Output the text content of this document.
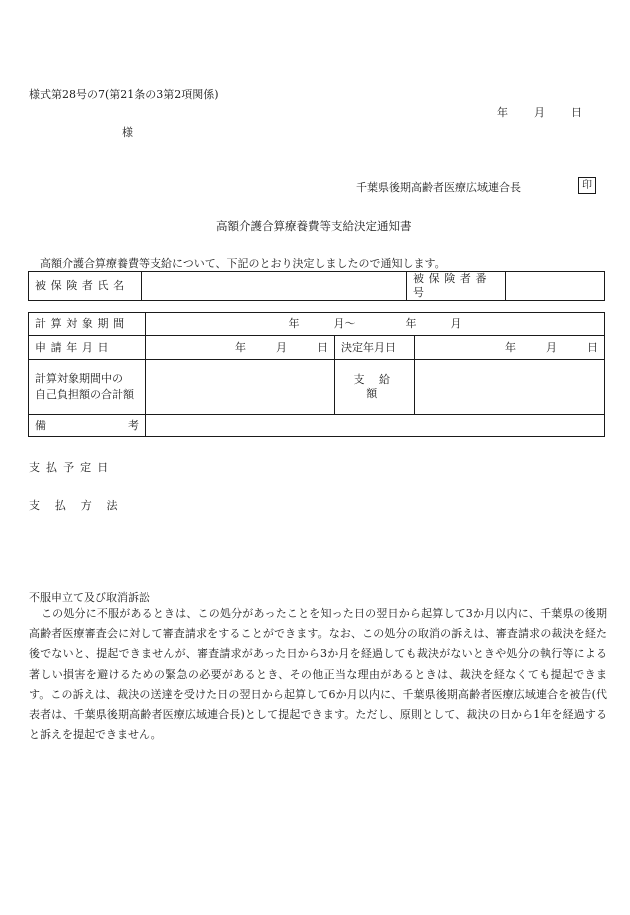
様式第28号の7(第21条の3第2項関係)
年 月 日
様
千葉県後期高齢者医療広域連合長	印
高額介護合算療養費等支給決定通知書
高額介護合算療養費等支給について、下記のとおり決定しましたので通知します。
被保険者氏名		被保険者番号	
計算対象期間	年 月〜 年 月		

申請年月日	年 月 日	決定年月日	年 月 日

計算対象期間中の
自己負担額の合計額		支 給 額	

備 考			

支払予定日
支払方法
不服申立て及び取消訴訟
この処分に不服があるときは、この処分があったことを知った日の翌日から起算して3か月以内に、千葉県の後期高齢者医療審査会に対して審査請求をすることができます。なお、この処分の取消の訴えは、審査請求の裁決を経た後でないと、提起できませんが、審査請求があった日から3か月を経過しても裁決がないときや処分の執行等による著しい損害を避けるための緊急の必要があるとき、その他正当な理由があるときは、裁決を経なくても提起できます。この訴えは、裁決の送達を受けた日の翌日から起算して6か月以内に、千葉県後期高齢者医療広域連合を被告(代表者は、千葉県後期高齢者医療広域連合長)として提起できます。ただし、原則として、裁決の日から1年を経過すると訴えを提起できません。
